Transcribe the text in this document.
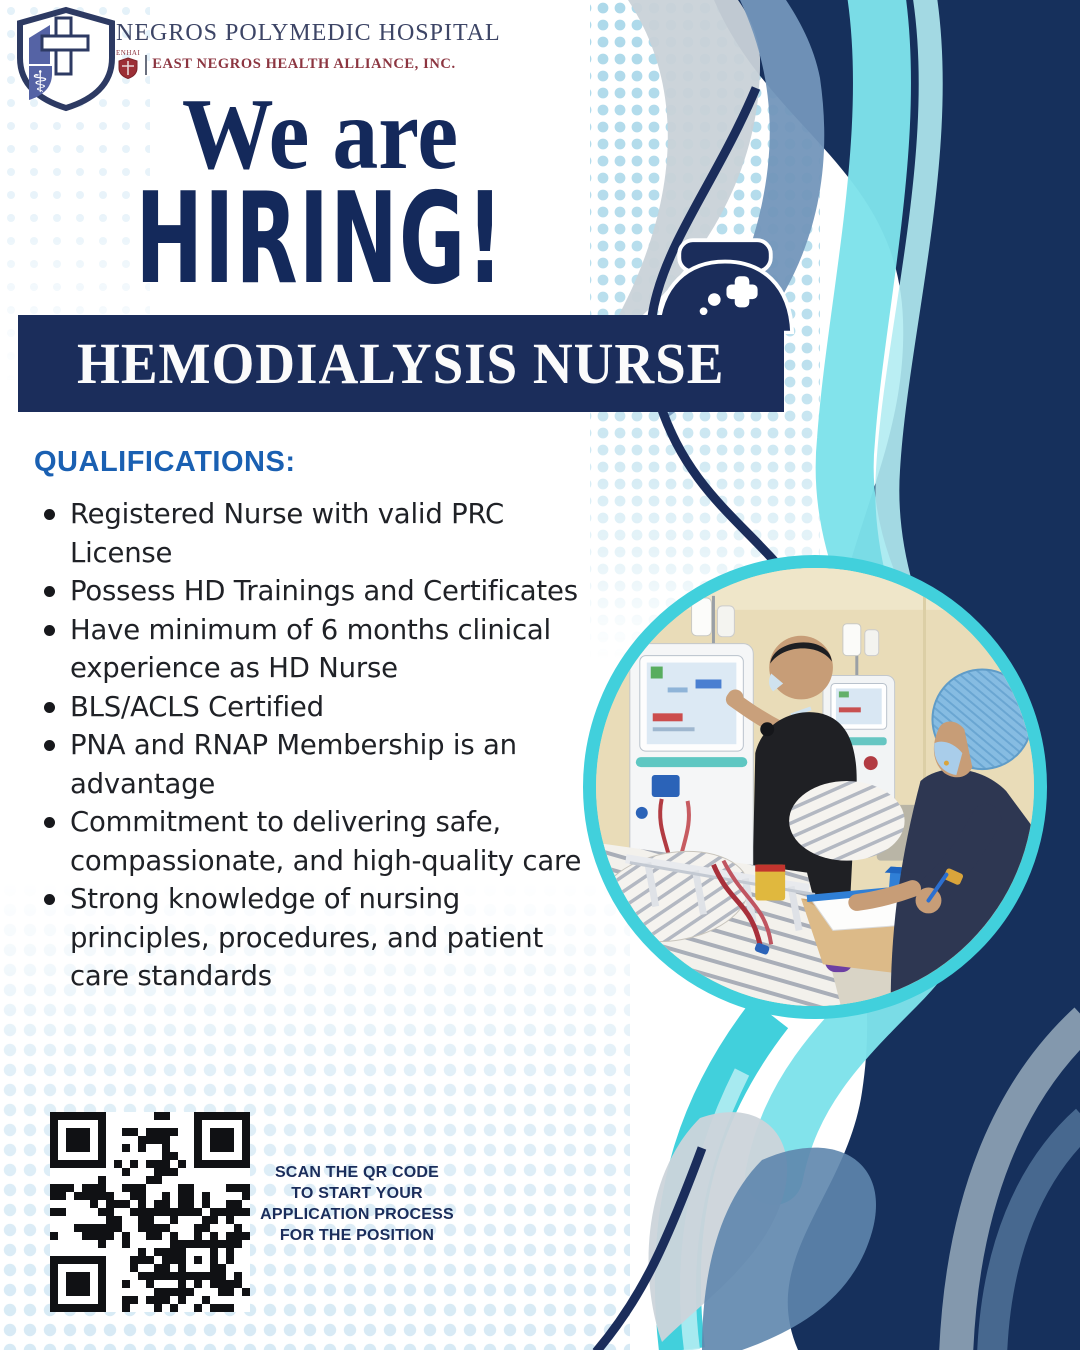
⚕
NEGROS POLYMEDIC HOSPITAL
ENHAI
EAST NEGROS HEALTH ALLIANCE, INC.
We are
HIRING!
HEMODIALYSIS NURSE
QUALIFICATIONS:
Registered Nurse with valid PRC License
Possess HD Trainings and Certificates
Have minimum of 6 months clinical experience as HD Nurse
BLS/ACLS Certified
PNA and RNAP Membership is an advantage
Commitment to delivering safe, compassionate, and high-quality care
Strong knowledge of nursing principles, procedures, and patient care standards
SCAN THE QR CODE
TO START YOUR
APPLICATION PROCESS
FOR THE POSITION
